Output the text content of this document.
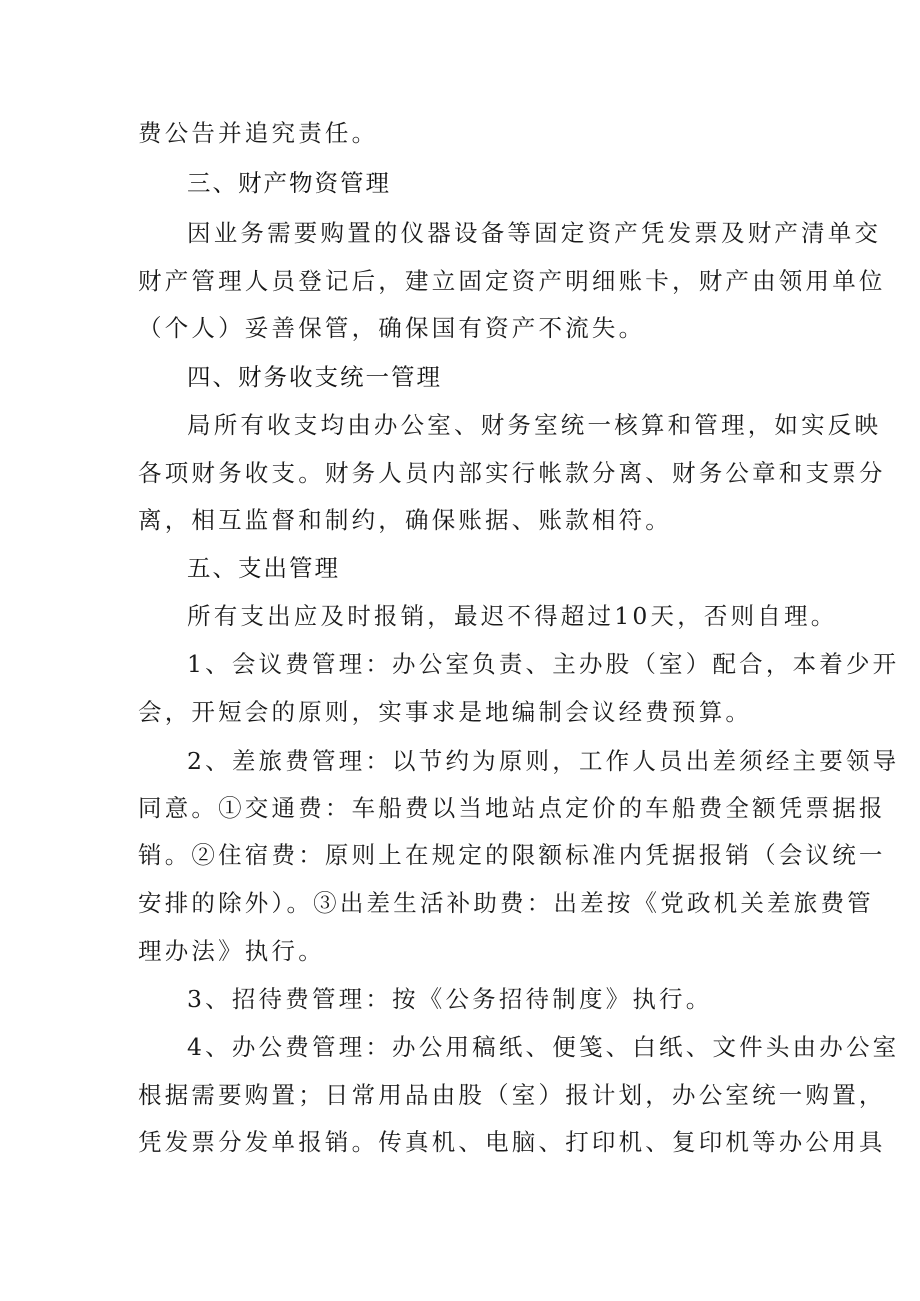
费公告并追究责任。
三、财产物资管理
因业务需要购置的仪器设备等固定资产凭发票及财产清单交
财产管理人员登记后，建立固定资产明细账卡，财产由领用单位
（个人）妥善保管，确保国有资产不流失。
四、财务收支统一管理
局所有收支均由办公室、财务室统一核算和管理，如实反映
各项财务收支。财务人员内部实行帐款分离、财务公章和支票分
离，相互监督和制约，确保账据、账款相符。
五、支出管理
所有支出应及时报销，最迟不得超过10天，否则自理。
1、会议费管理：办公室负责、主办股（室）配合，本着少开
会，开短会的原则，实事求是地编制会议经费预算。
2、差旅费管理：以节约为原则，工作人员出差须经主要领导
同意。①交通费：车船费以当地站点定价的车船费全额凭票据报
销。②住宿费：原则上在规定的限额标准内凭据报销（会议统一
安排的除外）。③出差生活补助费：出差按《党政机关差旅费管
理办法》执行。
3、招待费管理：按《公务招待制度》执行。
4、办公费管理：办公用稿纸、便笺、白纸、文件头由办公室
根据需要购置；日常用品由股（室）报计划，办公室统一购置，
凭发票分发单报销。传真机、电脑、打印机、复印机等办公用具
